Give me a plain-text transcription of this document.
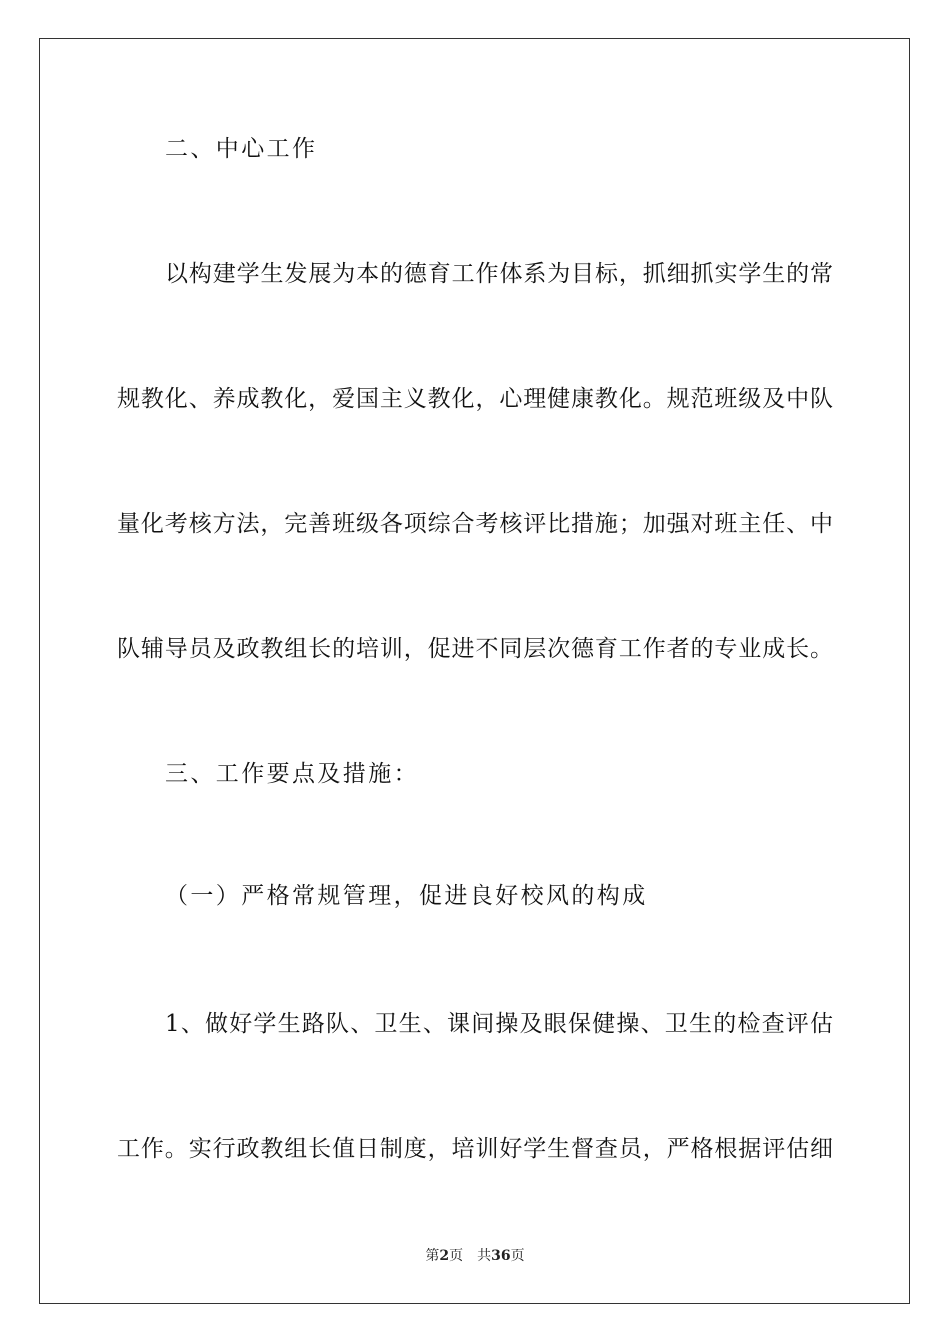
二、中心工作
以构建学生发展为本的德育工作体系为目标，抓细抓实学生的常
规教化、养成教化，爱国主义教化，心理健康教化。规范班级及中队
量化考核方法，完善班级各项综合考核评比措施；加强对班主任、中
队辅导员及政教组长的培训，促进不同层次德育工作者的专业成长。
三、工作要点及措施：
（一）严格常规管理，促进良好校风的构成
1、做好学生路队、卫生、课间操及眼保健操、卫生的检查评估
工作。实行政教组长值日制度，培训好学生督查员，严格根据评估细
第2页 共36页
